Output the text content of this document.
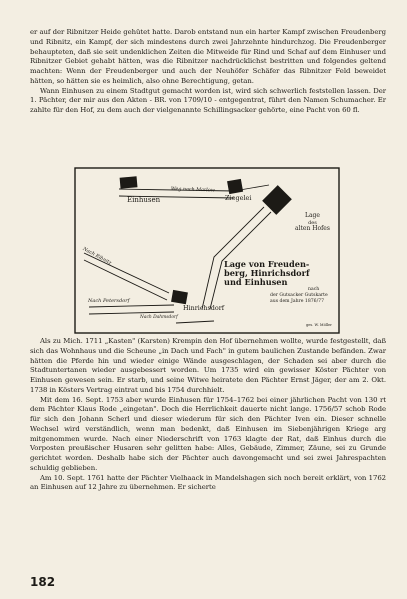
er auf der Ribnitzer Heide gehütet hatte. Darob entstand nun ein harter Kampf zwischen Freudenberg und Ribnitz, ein Kampf, der sich mindestens durch zwei Jahrzehnte hindurchzog. Die Freudenberger behaupteten, daß sie seit undenklichen Zeiten die Mitweide für Rind und Schaf auf dem Einhuser und Ribnitzer Gebiet gehabt hätten, was die Ribnitzer nachdrücklichst bestritten und folgendes geltend machten: Wenn der Freudenberger und auch der Neuhöfer Schäfer das Ribnitzer Feld beweidet hätten, so hätten sie es heimlich, also ohne Berechtigung, getan.

Wann Einhusen zu einem Stadtgut gemacht worden ist, wird sich schwerlich feststellen lassen. Der 1. Pächter, der mir aus den Akten - BR. von 1709/10 - entgegentrat, führt den Namen Schumacher. Er zahlte für den Hof, zu dem auch der vielgenannte Schillingsacker gehörte, eine Pacht von 60 fl.

Einhusen
Weg nach Marlow
Ziegelei
Lage
des
alten Hofes
Nach Ribnitz
Nach Petersdorf
Nach Dahmsdorf
Hinrichsdorf
Lage von Freuden-
berg, Hinrichsdorf
und Einhusen
nach
der Gutsacker Gutskarte
aus dem Jahre 1876/77
ges. W. Möller

Als zu Mich. 1711 „Kasten" (Karsten) Krempin den Hof übernehmen wollte, wurde festgestellt, daß sich das Wohnhaus und die Scheune „in Dach und Fach" in gutem baulichen Zustande befänden. Zwar hätten die Pferde hin und wieder einige Wände ausgeschlagen, der Schaden sei aber durch die Stadtuntertanen wieder ausgebessert worden. Um 1735 wird ein gewisser Köster Pächter von Einhusen gewesen sein. Er starb, und seine Witwe heiratete den Pächter Ernst Jäger, der am 2. Okt. 1738 in Kösters Vertrag eintrat und bis 1754 durchhielt.

Mit dem 16. Sept. 1753 aber wurde Einhusen für 1754–1762 bei einer jährlichen Pacht von 130 rt dem Pächter Klaus Rode „eingetan". Doch die Herrlichkeit dauerte nicht lange. 1756/57 schob Rode für sich den Johann Scherl und dieser wiederum für sich den Pächter Iven ein. Dieser schnelle Wechsel wird verständlich, wenn man bedenkt, daß Einhusen im Siebenjährigen Kriege arg mitgenommen wurde. Nach einer Niederschrift von 1763 klagte der Rat, daß Einhus durch die Vorposten preußischer Husaren sehr gelitten habe: Alles, Gebäude, Zimmer, Zäune, sei zu Grunde gerichtet worden. Deshalb habe sich der Pächter auch davongemacht und sei zwei Jahrespachten schuldig geblieben.

Am 10. Sept. 1761 hatte der Pächter Vielhaack in Mandelshagen sich noch bereit erklärt, von 1762 an Einhusen auf 12 Jahre zu übernehmen. Er sicherte

182
